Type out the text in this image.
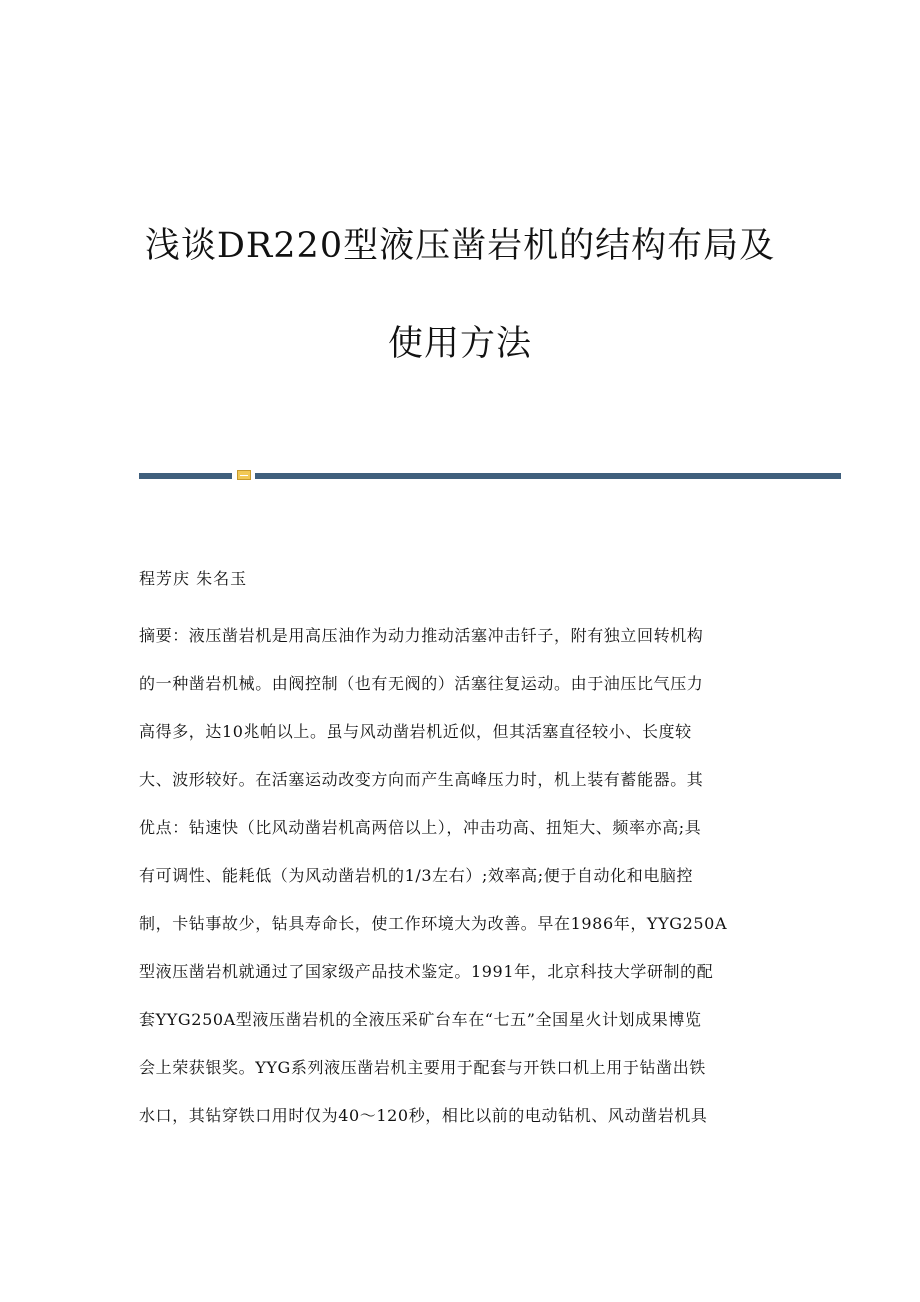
浅谈DR220型液压凿岩机的结构布局及
使用方法
程芳庆 朱名玉
摘要：液压凿岩机是用高压油作为动力推动活塞冲击钎子，附有独立回转机构
的一种凿岩机械。由阀控制（也有无阀的）活塞往复运动。由于油压比气压力
高得多，达10兆帕以上。虽与风动凿岩机近似，但其活塞直径较小、长度较
大、波形较好。在活塞运动改变方向而产生高峰压力时，机上装有蓄能器。其
优点：钻速快（比风动凿岩机高两倍以上），冲击功高、扭矩大、频率亦高;具
有可调性、能耗低（为风动凿岩机的1/3左右）;效率高;便于自动化和电脑控
制，卡钻事故少，钻具寿命长，使工作环境大为改善。早在1986年，YYG250A
型液压凿岩机就通过了国家级产品技术鉴定。1991年，北京科技大学研制的配
套YYG250A型液压凿岩机的全液压采矿台车在“七五”全国星火计划成果博览
会上荣获银奖。YYG系列液压凿岩机主要用于配套与开铁口机上用于钻凿出铁
水口，其钻穿铁口用时仅为40～120秒，相比以前的电动钻机、风动凿岩机具
